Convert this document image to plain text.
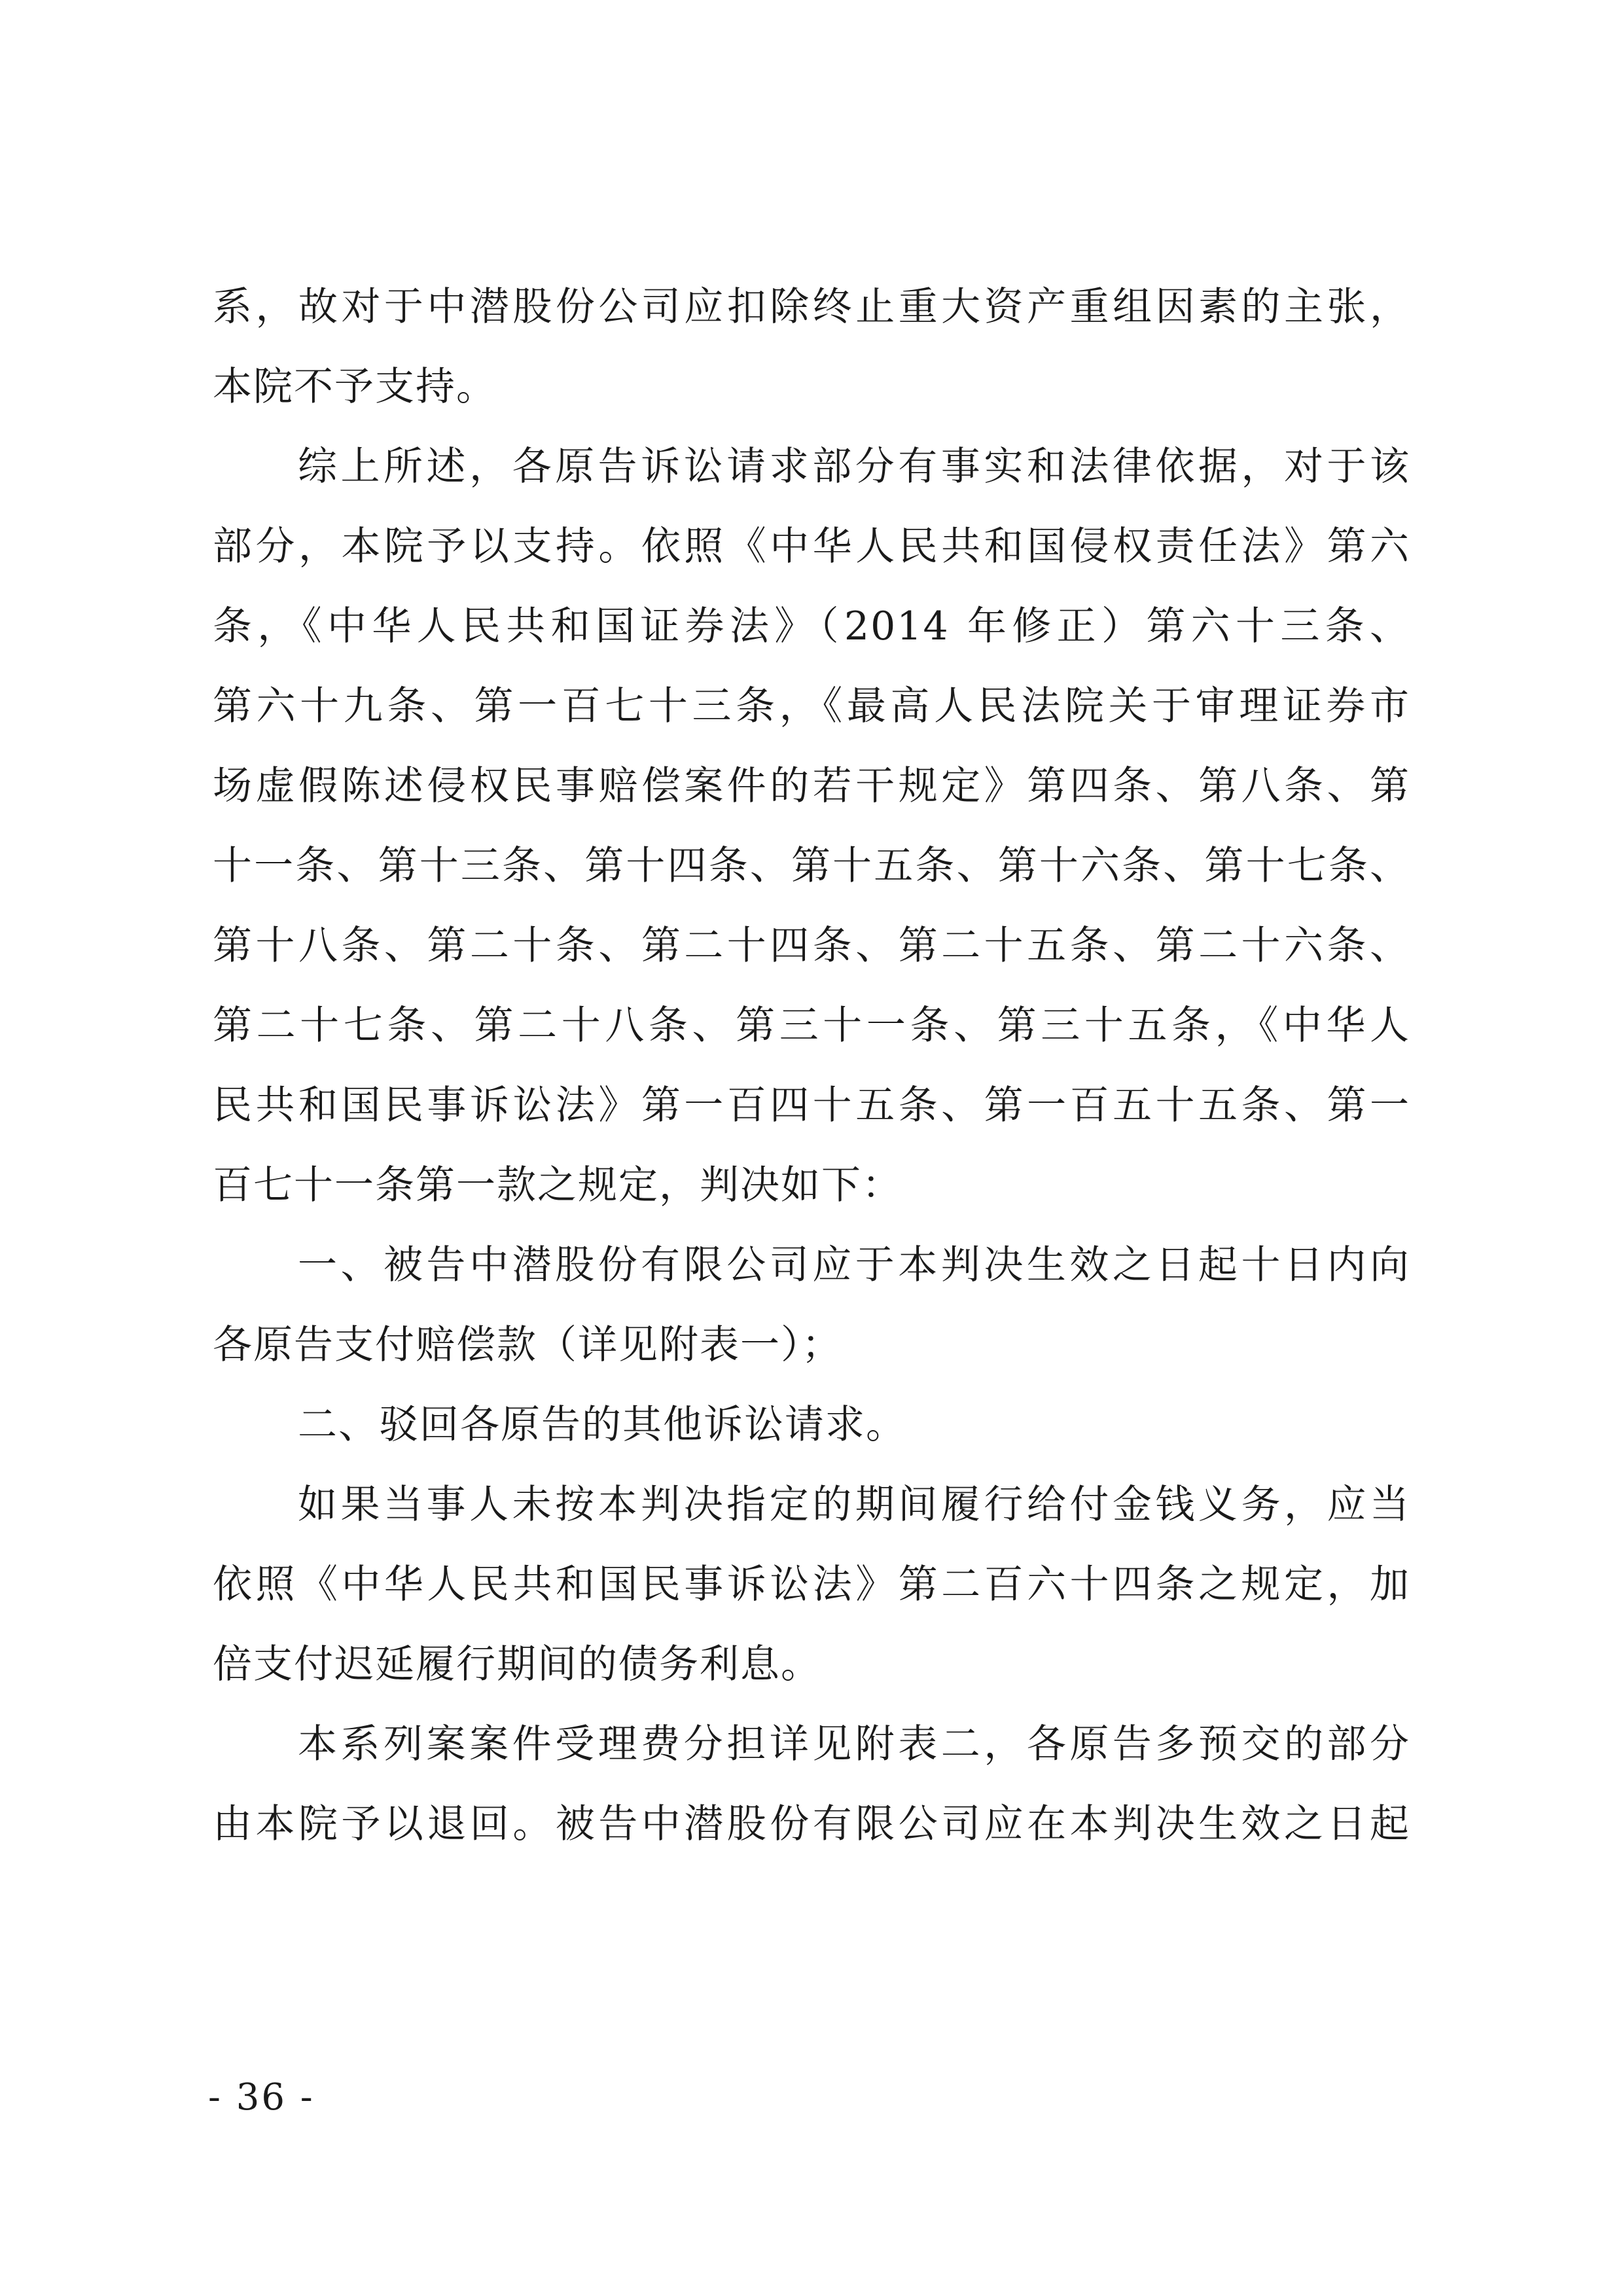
系，故对于中潜股份公司应扣除终止重大资产重组因素的主张，
本院不予支持。
综上所述，各原告诉讼请求部分有事实和法律依据，对于该
部分，本院予以支持。依照《中华人民共和国侵权责任法》第六
条，《中华人民共和国证券法》（2014 年修正）第六十三条、
第六十九条、第一百七十三条，《最高人民法院关于审理证券市
场虚假陈述侵权民事赔偿案件的若干规定》第四条、第八条、第
十一条、第十三条、第十四条、第十五条、第十六条、第十七条、
第十八条、第二十条、第二十四条、第二十五条、第二十六条、
第二十七条、第二十八条、第三十一条、第三十五条，《中华人
民共和国民事诉讼法》第一百四十五条、第一百五十五条、第一
百七十一条第一款之规定，判决如下：
一、被告中潜股份有限公司应于本判决生效之日起十日内向
各原告支付赔偿款（详见附表一）；
二、驳回各原告的其他诉讼请求。
如果当事人未按本判决指定的期间履行给付金钱义务，应当
依照《中华人民共和国民事诉讼法》第二百六十四条之规定，加
倍支付迟延履行期间的债务利息。
本系列案案件受理费分担详见附表二，各原告多预交的部分
由本院予以退回。被告中潜股份有限公司应在本判决生效之日起
- 36 -
